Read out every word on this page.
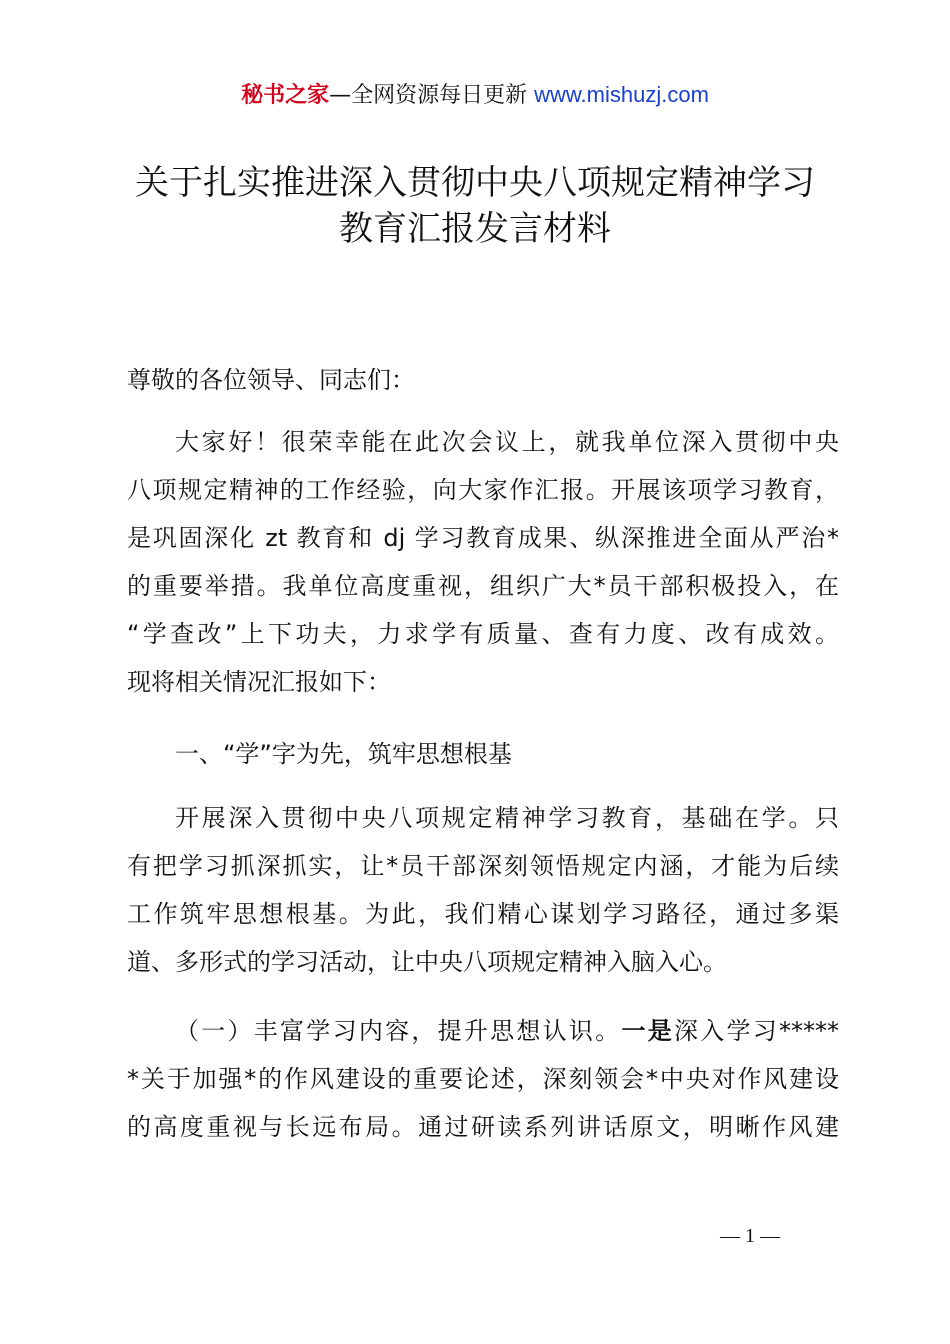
秘书之家—全网资源每日更新 www.mishuzj.com
关于扎实推进深入贯彻中央八项规定精神学习
教育汇报发言材料
尊敬的各位领导、同志们：
大家好！很荣幸能在此次会议上，就我单位深入贯彻中央
八项规定精神的工作经验，向大家作汇报。开展该项学习教育，
是巩固深化 zt 教育和 dj 学习教育成果、纵深推进全面从严治*
的重要举措。我单位高度重视，组织广大*员干部积极投入，在
“学查改”上下功夫，力求学有质量、查有力度、改有成效。
现将相关情况汇报如下：
一、“学”字为先，筑牢思想根基
开展深入贯彻中央八项规定精神学习教育，基础在学。只
有把学习抓深抓实，让*员干部深刻领悟规定内涵，才能为后续
工作筑牢思想根基。为此，我们精心谋划学习路径，通过多渠
道、多形式的学习活动，让中央八项规定精神入脑入心。
（一）丰富学习内容，提升思想认识。一是深入学习*****
*关于加强*的作风建设的重要论述，深刻领会*中央对作风建设
的高度重视与长远布局。通过研读系列讲话原文，明晰作风建
— 1 —
